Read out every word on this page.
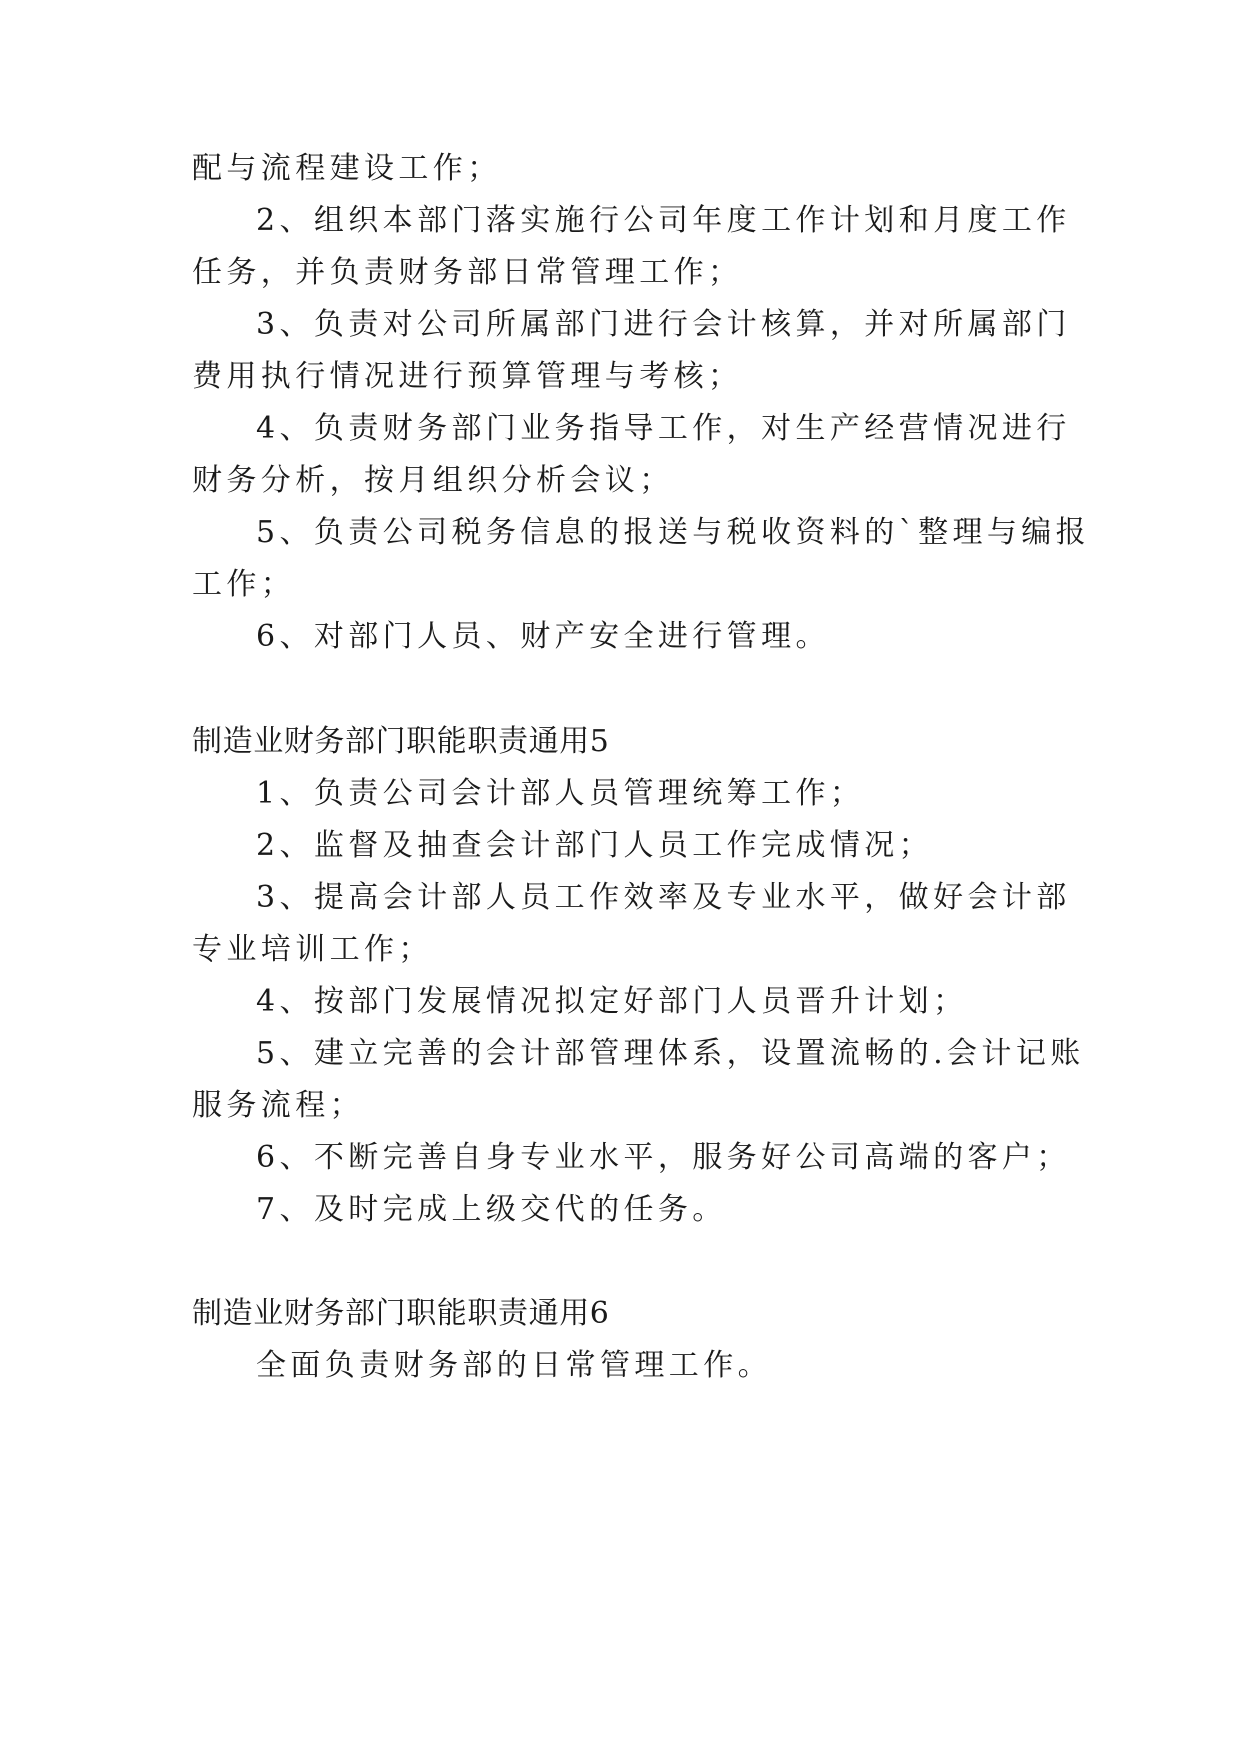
配与流程建设工作；
2、组织本部门落实施行公司年度工作计划和月度工作
任务，并负责财务部日常管理工作；
3、负责对公司所属部门进行会计核算，并对所属部门
费用执行情况进行预算管理与考核；
4、负责财务部门业务指导工作，对生产经营情况进行
财务分析，按月组织分析会议；
5、负责公司税务信息的报送与税收资料的`整理与编报
工作；
6、对部门人员、财产安全进行管理。
制造业财务部门职能职责通用5
1、负责公司会计部人员管理统筹工作；
2、监督及抽查会计部门人员工作完成情况；
3、提高会计部人员工作效率及专业水平，做好会计部
专业培训工作；
4、按部门发展情况拟定好部门人员晋升计划；
5、建立完善的会计部管理体系，设置流畅的.会计记账
服务流程；
6、不断完善自身专业水平，服务好公司高端的客户；
7、及时完成上级交代的任务。
制造业财务部门职能职责通用6
全面负责财务部的日常管理工作。
